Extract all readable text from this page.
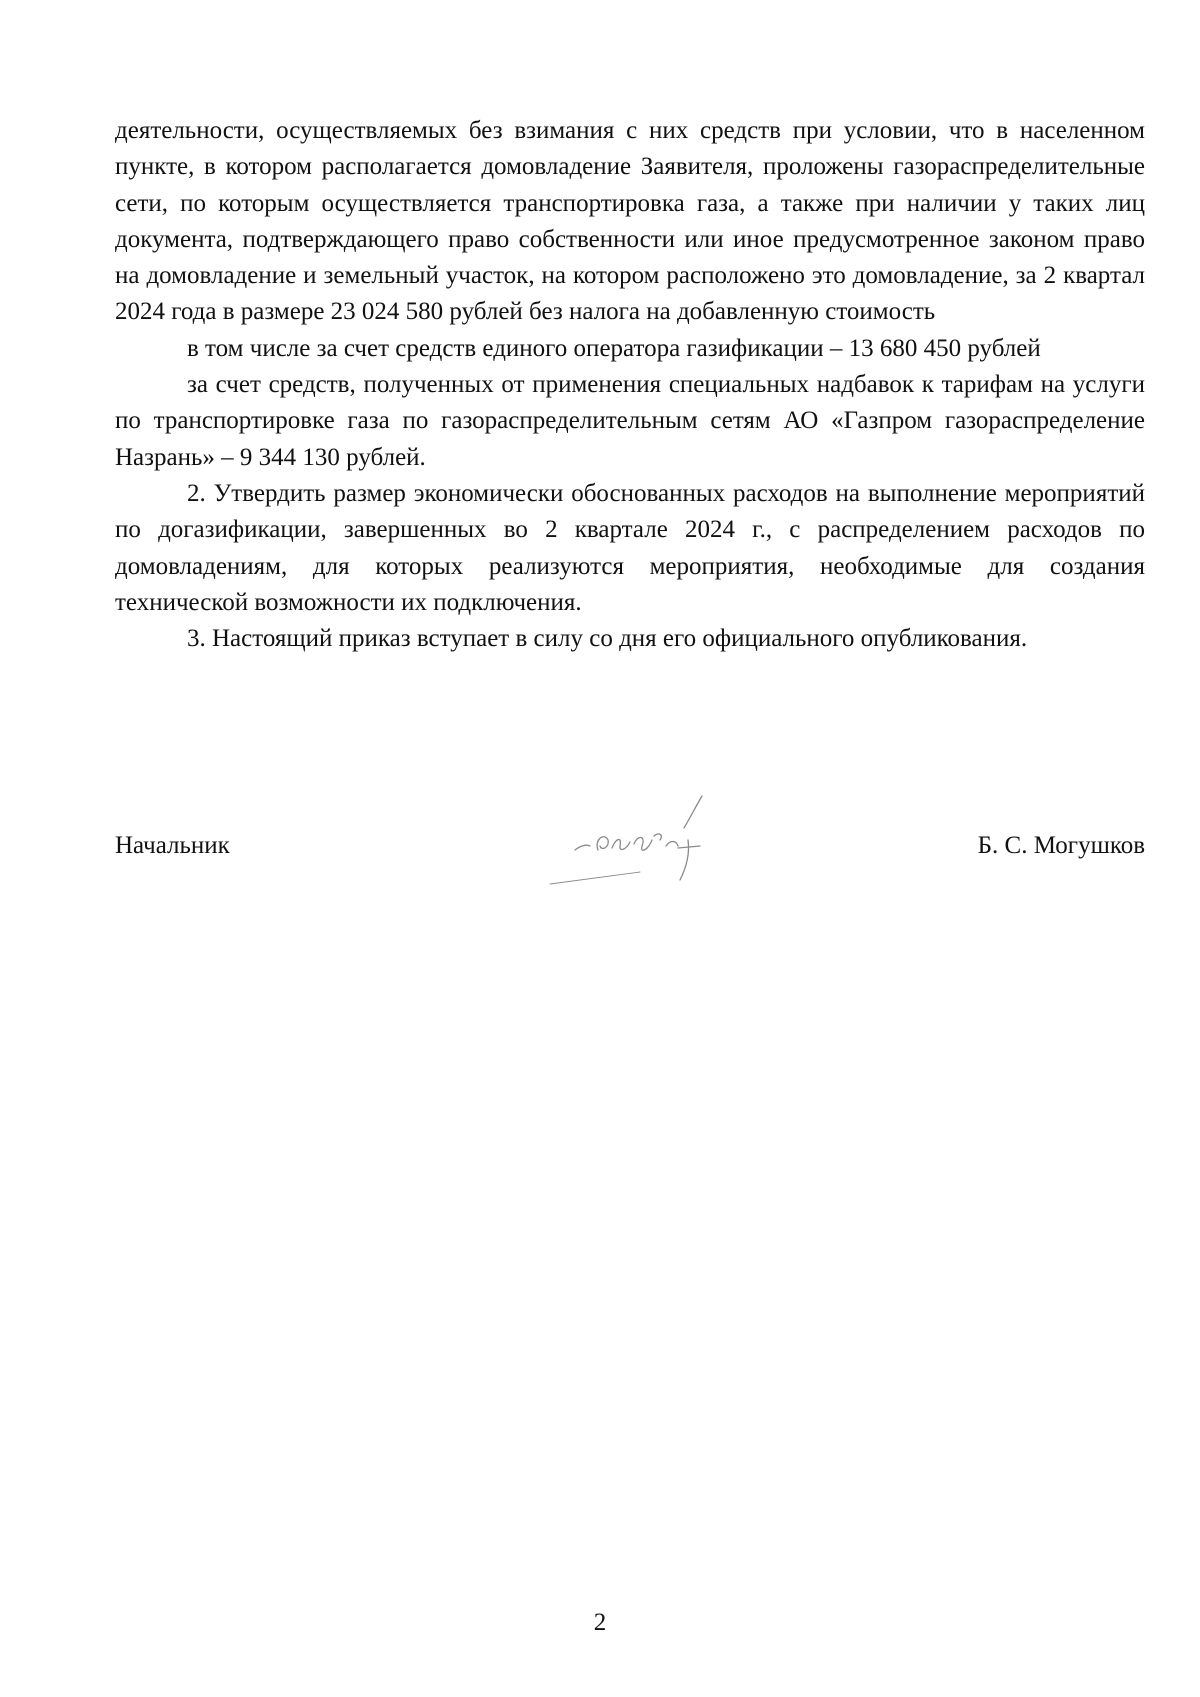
деятельности, осуществляемых без взимания с них средств при условии, что в населенном пункте, в котором располагается домовладение Заявителя, проложены газораспределительные сети, по которым осуществляется транспортировка газа, а также при наличии у таких лиц документа, подтверждающего право собственности или иное предусмотренное законом право на домовладение и земельный участок, на котором расположено это домовладение, за 2 квартал 2024 года в размере 23 024 580 рублей без налога на добавленную стоимость

в том числе за счет средств единого оператора газификации – 13 680 450 рублей

за счет средств, полученных от применения специальных надбавок к тарифам на услуги по транспортировке газа по газораспределительным сетям АО «Газпром газораспределение Назрань» – 9 344 130 рублей.

2. Утвердить размер экономически обоснованных расходов на выполнение мероприятий по догазификации, завершенных во 2 квартале 2024 г., с распределением расходов по домовладениям, для которых реализуются мероприятия, необходимые для создания технической возможности их подключения.

3. Настоящий приказ вступает в силу со дня его официального опубликования.

Начальник	Б. С. Могушков
2
